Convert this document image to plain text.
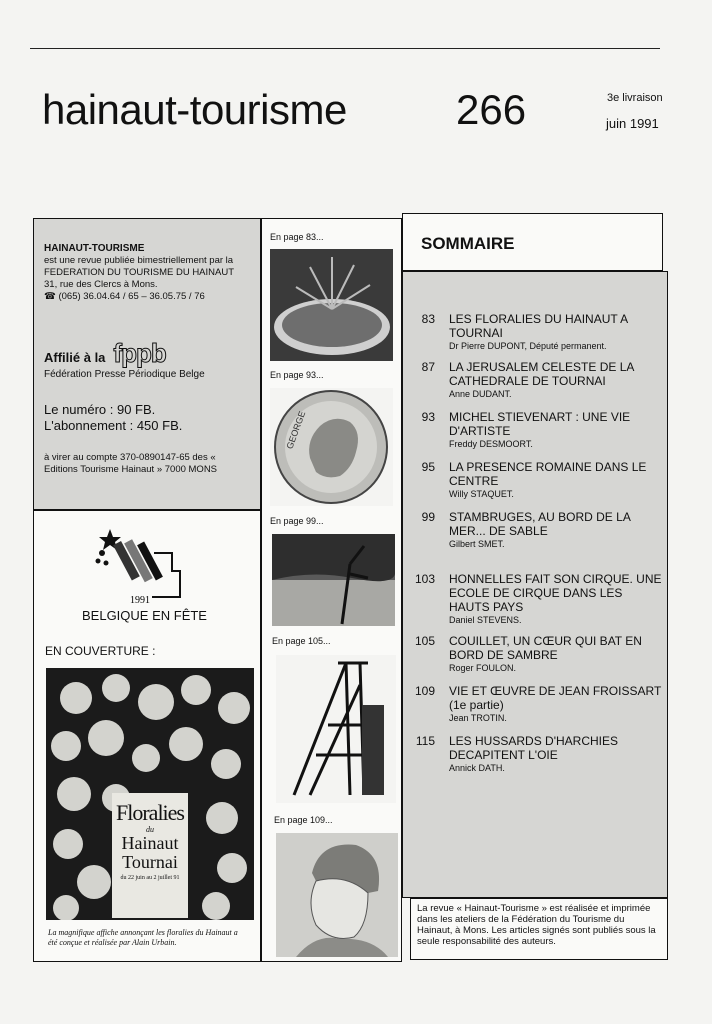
hainaut-tourisme	266	3e livraison
juin 1991
HAINAUT-TOURISME
est une revue publiée bimestriellement par la FEDERATION DU TOURISME DU HAINAUT
31, rue des Clercs à Mons.
☎ (065) 36.04.64 / 65 – 36.05.75 / 76
Affilié à la fppb
Fédération Presse Périodique Belge
Le numéro : 90 FB.
L'abonnement : 450 FB.
à virer au compte 370-0890147-65 des « Editions Tourisme Hainaut » 7000 MONS
1991
BELGIQUE EN FÊTE
EN COUVERTURE :
Floralies
du
Hainaut
Tournai
du 22 juin au 2 juillet 91
La magnifique affiche annonçant les floralies du Hainaut a été conçue et réalisée par Alain Urbain.
En page 83...
En page 93...
GEORGE
En page 99...
En page 105...
En page 109...
SOMMAIRE
83 LES FLORALIES DU HAINAUT A TOURNAI
Dr Pierre DUPONT, Député permanent.
87 LA JERUSALEM CELESTE DE LA CATHEDRALE DE TOURNAI
Anne DUDANT.
93 MICHEL STIEVENART : UNE VIE D'ARTISTE
Freddy DESMOORT.
95 LA PRESENCE ROMAINE DANS LE CENTRE
Willy STAQUET.
99 STAMBRUGES, AU BORD DE LA MER... DE SABLE
Gilbert SMET.
103 HONNELLES FAIT SON CIRQUE. UNE ECOLE DE CIRQUE DANS LES HAUTS PAYS
Daniel STEVENS.
105 COUILLET, UN CŒUR QUI BAT EN BORD DE SAMBRE
Roger FOULON.
109 VIE ET ŒUVRE DE JEAN FROISSART (1e partie)
Jean TROTIN.
115 LES HUSSARDS D'HARCHIES DECAPITENT L'OIE
Annick DATH.

La revue « Hainaut-Tourisme » est réalisée et imprimée dans les ateliers de la Fédération du Tourisme du Hainaut, à Mons. Les articles signés sont publiés sous la seule responsabilité des auteurs.
